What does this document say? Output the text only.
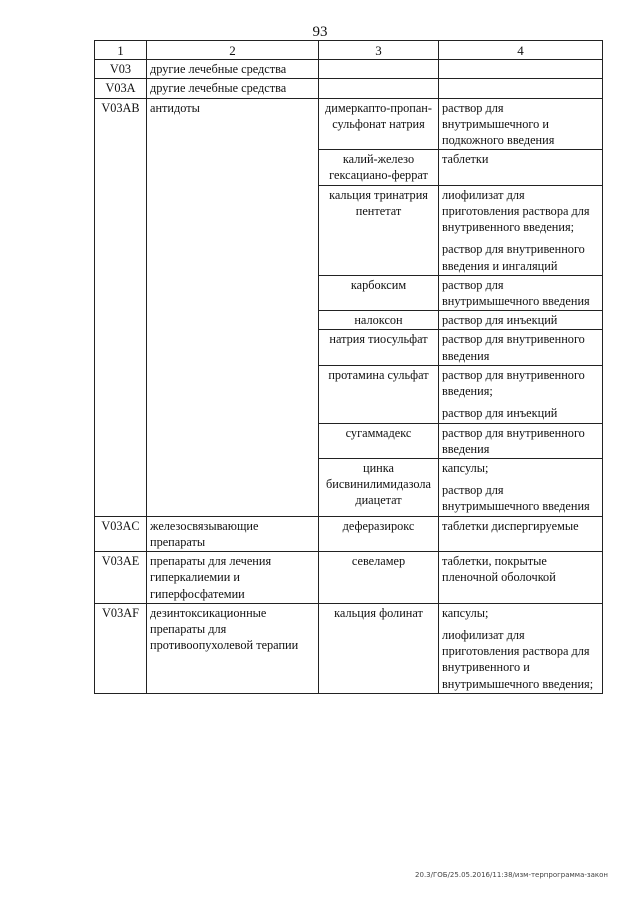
93
1	2	3	4
V03	другие лечебные средства		
V03A	другие лечебные средства		
V03AB	антидоты	димеркапто-пропан-сульфонат натрия	раствор для внутримышечного и подкожного введения

		калий-железо гексациано-феррат	таблетки

		кальция тринатрия пентетат	лиофилизат для приготовления раствора для внутривенного введения;
раствор для внутривенного введения и ингаляций

		карбоксим	раствор для внутримышечного введения

		налоксон	раствор для инъекций

		натрия тиосульфат	раствор для внутривенного введения

		протамина сульфат	раствор для внутривенного введения;
раствор для инъекций

		сугаммадекс	раствор для внутривенного введения

		цинка бисвинилимидазола диацетат	капсулы;
раствор для внутримышечного введения

V03AC	железосвязывающие препараты	деферазирокс	таблетки диспергируемые

V03AE	препараты для лечения гиперкалиемии и гиперфосфатемии	севеламер	таблетки, покрытые пленочной оболочкой

V03AF	дезинтоксикационные препараты для противоопухолевой терапии	кальция фолинат	капсулы;
лиофилизат для приготовления раствора для внутривенного и внутримышечного введения;
20.3/ГОБ/25.05.2016/11:38/изм-терпрограмма-закон
